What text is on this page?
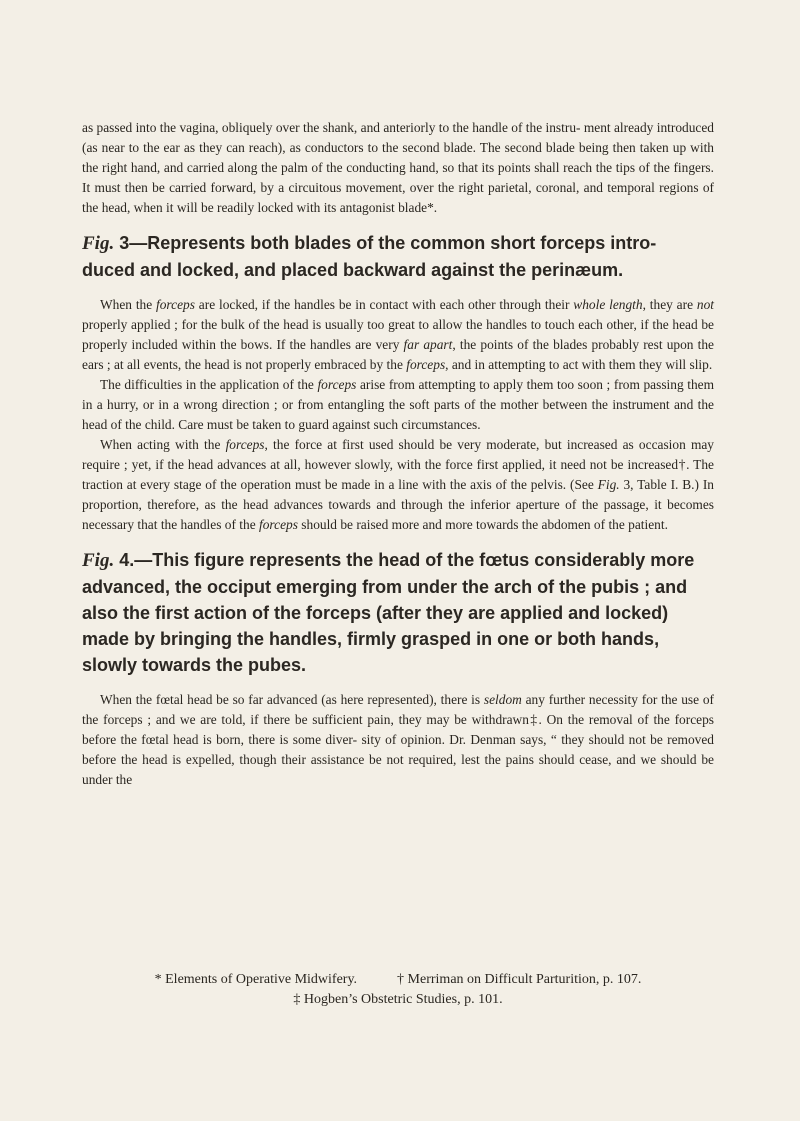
as passed into the vagina, obliquely over the shank, and anteriorly to the handle of the instru- ment already introduced (as near to the ear as they can reach), as conductors to the second blade. The second blade being then taken up with the right hand, and carried along the palm of the conducting hand, so that its points shall reach the tips of the fingers. It must then be carried forward, by a circuitous movement, over the right parietal, coronal, and temporal regions of the head, when it will be readily locked with its antagonist blade*.

Fig. 3—Represents both blades of the common short forceps intro- duced and locked, and placed backward against the perinæum.

When the forceps are locked, if the handles be in contact with each other through their whole length, they are not properly applied ; for the bulk of the head is usually too great to allow the handles to touch each other, if the head be properly included within the bows. If the handles are very far apart, the points of the blades probably rest upon the ears ; at all events, the head is not properly embraced by the forceps, and in attempting to act with them they will slip.

The difficulties in the application of the forceps arise from attempting to apply them too soon ; from passing them in a hurry, or in a wrong direction ; or from entangling the soft parts of the mother between the instrument and the head of the child. Care must be taken to guard against such circumstances.

When acting with the forceps, the force at first used should be very moderate, but increased as occasion may require ; yet, if the head advances at all, however slowly, with the force first applied, it need not be increased†. The traction at every stage of the operation must be made in a line with the axis of the pelvis. (See Fig. 3, Table I. B.) In proportion, therefore, as the head advances towards and through the inferior aperture of the passage, it becomes necessary that the handles of the forceps should be raised more and more towards the abdomen of the patient.

Fig. 4.—This figure represents the head of the fœtus considerably more advanced, the occiput emerging from under the arch of the pubis ; and also the first action of the forceps (after they are applied and locked) made by bringing the handles, firmly grasped in one or both hands, slowly towards the pubes.

When the fœtal head be so far advanced (as here represented), there is seldom any further necessity for the use of the forceps ; and we are told, if there be sufficient pain, they may be withdrawn‡. On the removal of the forceps before the fœtal head is born, there is some diver- sity of opinion. Dr. Denman says, “ they should not be removed before the head is expelled, though their assistance be not required, lest the pains should cease, and we should be under the

* Elements of Operative Midwifery.	† Merriman on Difficult Parturition, p. 107.

‡ Hogben’s Obstetric Studies, p. 101.
